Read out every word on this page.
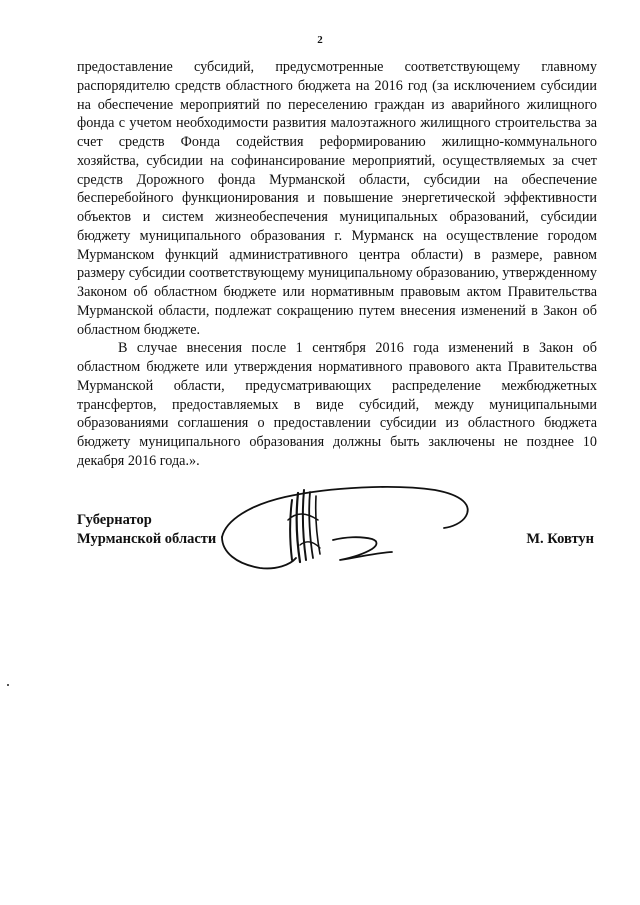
2

предоставление субсидий, предусмотренные соответствующему главному распорядителю средств областного бюджета на 2016 год (за исключением субсидии на обеспечение мероприятий по переселению граждан из аварийного жилищного фонда с учетом необходимости развития малоэтажного жилищного строительства за счет средств Фонда содействия реформированию жилищно-коммунального хозяйства, субсидии на софинансирование мероприятий, осуществляемых за счет средств Дорожного фонда Мурманской области, субсидии на обеспечение бесперебойного функционирования и повышение энергетической эффективности объектов и систем жизнеобеспечения муниципальных образований, субсидии бюджету муниципального образования г. Мурманск на осуществление городом Мурманском функций административного центра области) в размере, равном размеру субсидии соответствующему муниципальному образованию, утвержденному Законом об областном бюджете или нормативным правовым актом Правительства Мурманской области, подлежат сокращению путем внесения изменений в Закон об областном бюджете.

В случае внесения после 1 сентября 2016 года изменений в Закон об областном бюджете или утверждения нормативного правового акта Правительства Мурманской области, предусматривающих распределение межбюджетных трансфертов, предоставляемых в виде субсидий, между муниципальными образованиями соглашения о предоставлении субсидии из областного бюджета бюджету муниципального образования должны быть заключены не позднее 10 декабря 2016 года.».

Губернатор
Мурманской области	М. Ковтун
